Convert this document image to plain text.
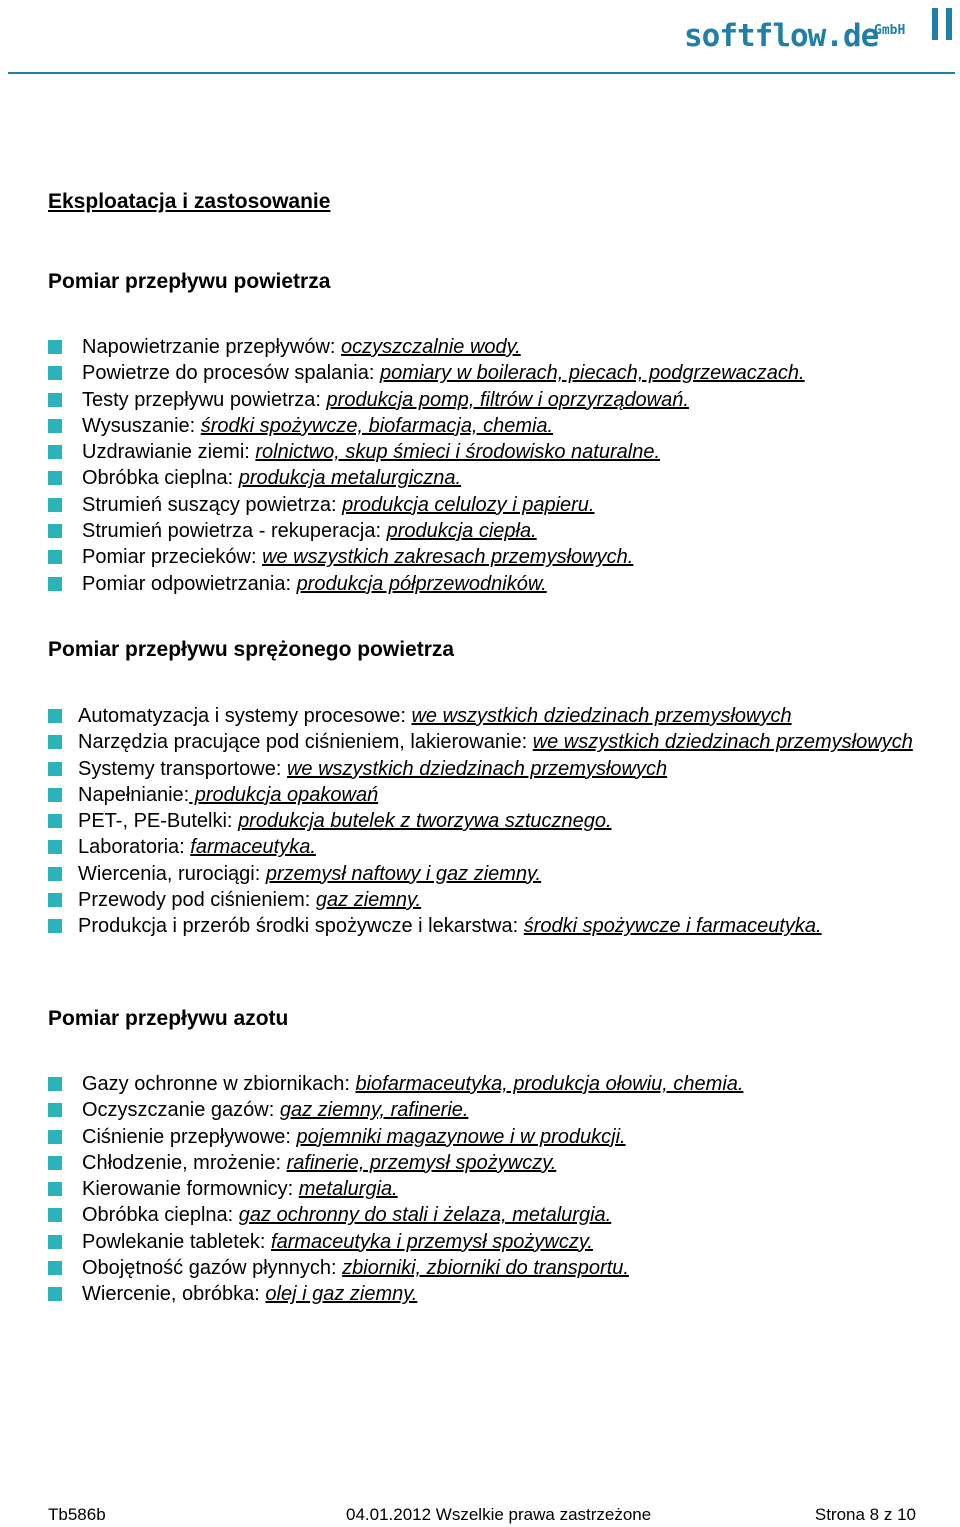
softflow.de
GmbH
Eksploatacja i zastosowanie
Pomiar przepływu powietrza
Napowietrzanie przepływów: oczyszczalnie wody.
Powietrze do procesów spalania: pomiary w boilerach, piecach, podgrzewaczach.
Testy przepływu powietrza: produkcja pomp, filtrów i oprzyrządowań.
Wysuszanie: środki spożywcze, biofarmacja, chemia.
Uzdrawianie ziemi: rolnictwo, skup śmieci i środowisko naturalne.
Obróbka cieplna: produkcja metalurgiczna.
Strumień suszący powietrza: produkcja celulozy i papieru.
Strumień powietrza - rekuperacja: produkcja ciepła.
Pomiar przecieków: we wszystkich zakresach przemysłowych.
Pomiar odpowietrzania: produkcja półprzewodników.
Pomiar przepływu sprężonego powietrza
Automatyzacja i systemy procesowe: we wszystkich dziedzinach przemysłowych
Narzędzia pracujące pod ciśnieniem, lakierowanie: we wszystkich dziedzinach przemysłowych
Systemy transportowe: we wszystkich dziedzinach przemysłowych
Napełnianie: produkcja opakowań
PET-, PE-Butelki: produkcja butelek z tworzywa sztucznego.
Laboratoria: farmaceutyka.
Wiercenia, rurociągi: przemysł naftowy i gaz ziemny.
Przewody pod ciśnieniem: gaz ziemny.
Produkcja i przerób środki spożywcze i lekarstwa: środki spożywcze i farmaceutyka.
Pomiar przepływu azotu
Gazy ochronne w zbiornikach: biofarmaceutyka, produkcja ołowiu, chemia.
Oczyszczanie gazów: gaz ziemny, rafinerie.
Ciśnienie przepływowe: pojemniki magazynowe i w produkcji.
Chłodzenie, mrożenie: rafinerie, przemysł spożywczy.
Kierowanie formownicy: metalurgia.
Obróbka cieplna: gaz ochronny do stali i żelaza, metalurgia.
Powlekanie tabletek: farmaceutyka i przemysł spożywczy.
Obojętność gazów płynnych: zbiorniki, zbiorniki do transportu.
Wiercenie, obróbka: olej i gaz ziemny.
Tb586b	04.01.2012 Wszelkie prawa zastrzeżone	Strona 8 z 10
